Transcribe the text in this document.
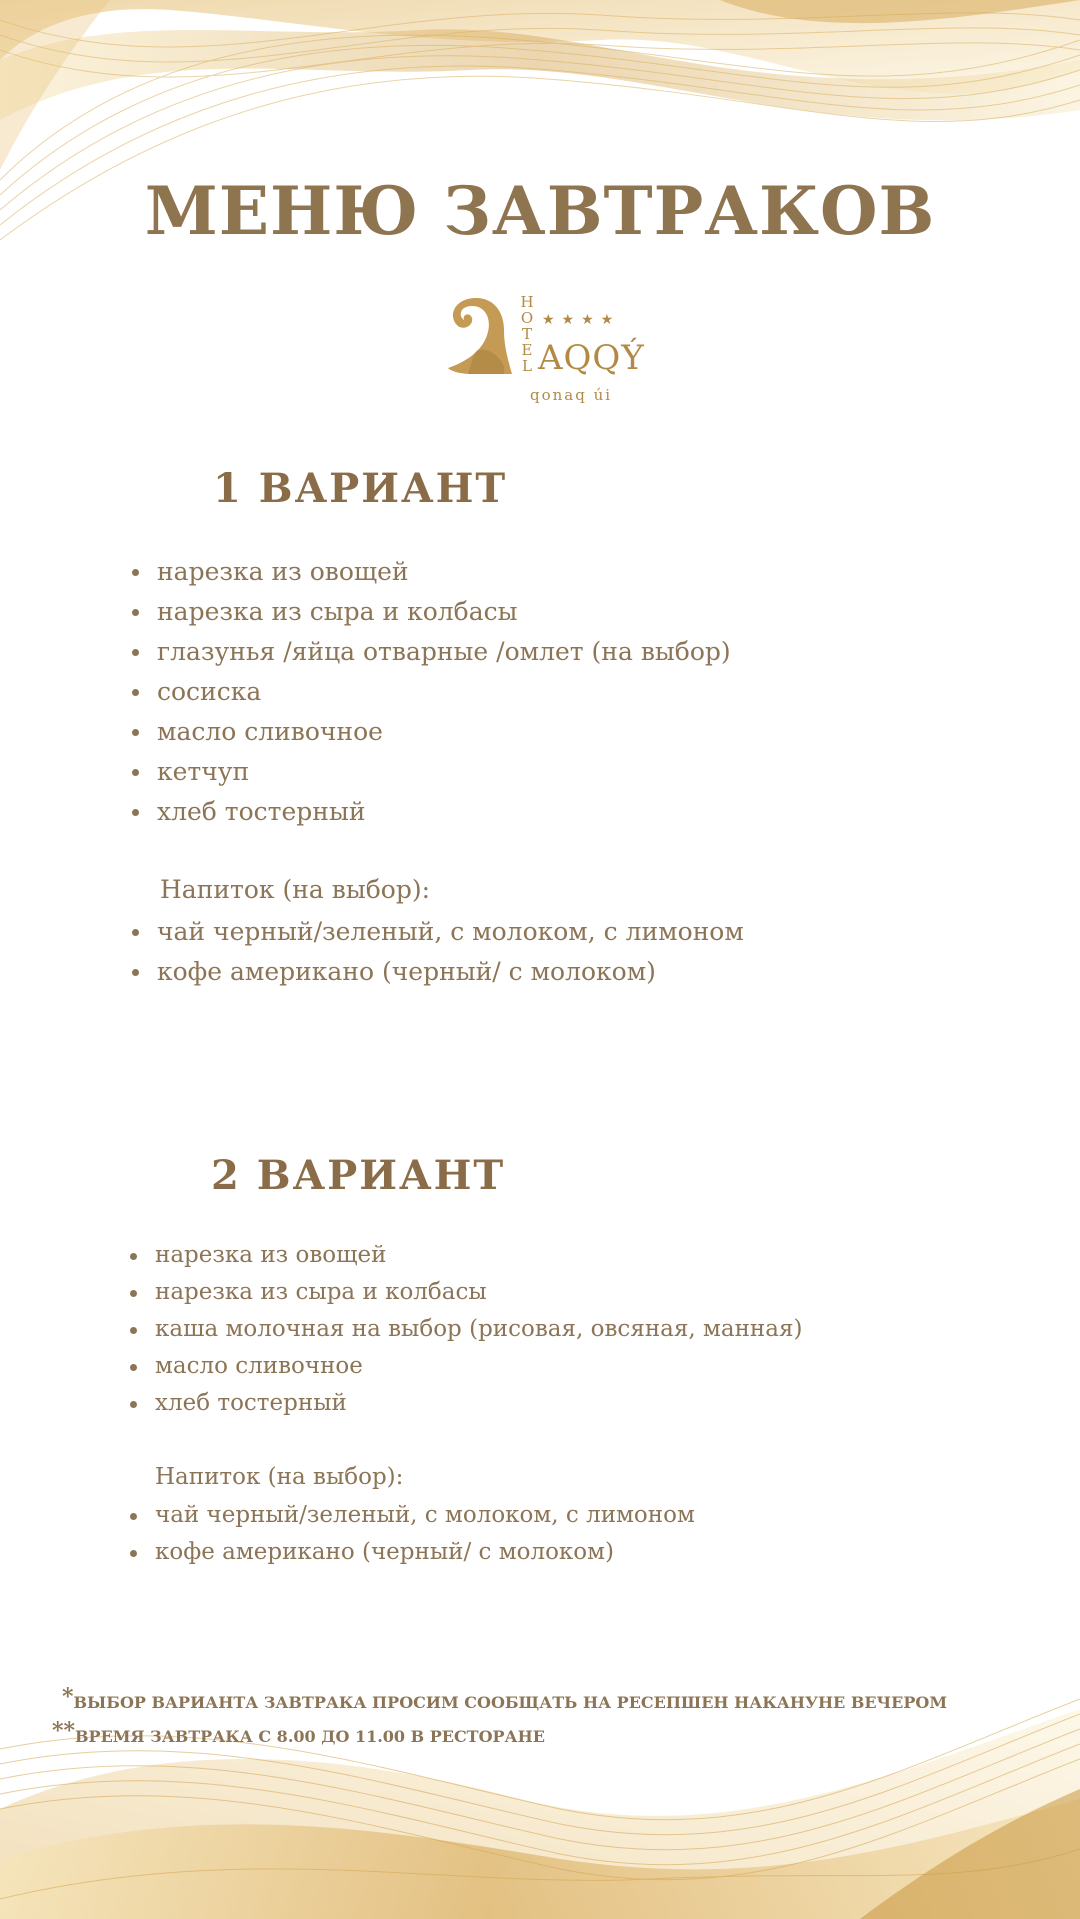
МЕНЮ ЗАВТРАКОВ
H
O
T
E
L
★★★★
AQQÝ
qonaq úi
1 ВАРИАНТ
нарезка из овощей
нарезка из сыра и колбасы
глазунья /яйца отварные /омлет (на выбор)
сосиска
масло сливочное
кетчуп
хлеб тостерный

Напиток (на выбор):

чай черный/зеленый, с молоком, с лимоном
кофе американо (черный/ с молоком)
2 ВАРИАНТ
нарезка из овощей
нарезка из сыра и колбасы
каша молочная на выбор (рисовая, овсяная, манная)
масло сливочное
хлеб тостерный

Напиток (на выбор):

чай черный/зеленый, с молоком, с лимоном
кофе американо (черный/ с молоком)

*ВЫБОР ВАРИАНТА ЗАВТРАКА ПРОСИМ СООБЩАТЬ НА РЕСЕПШЕН НАКАНУНЕ ВЕЧЕРОМ

**ВРЕМЯ ЗАВТРАКА С 8.00 ДО 11.00 В РЕСТОРАНЕ
